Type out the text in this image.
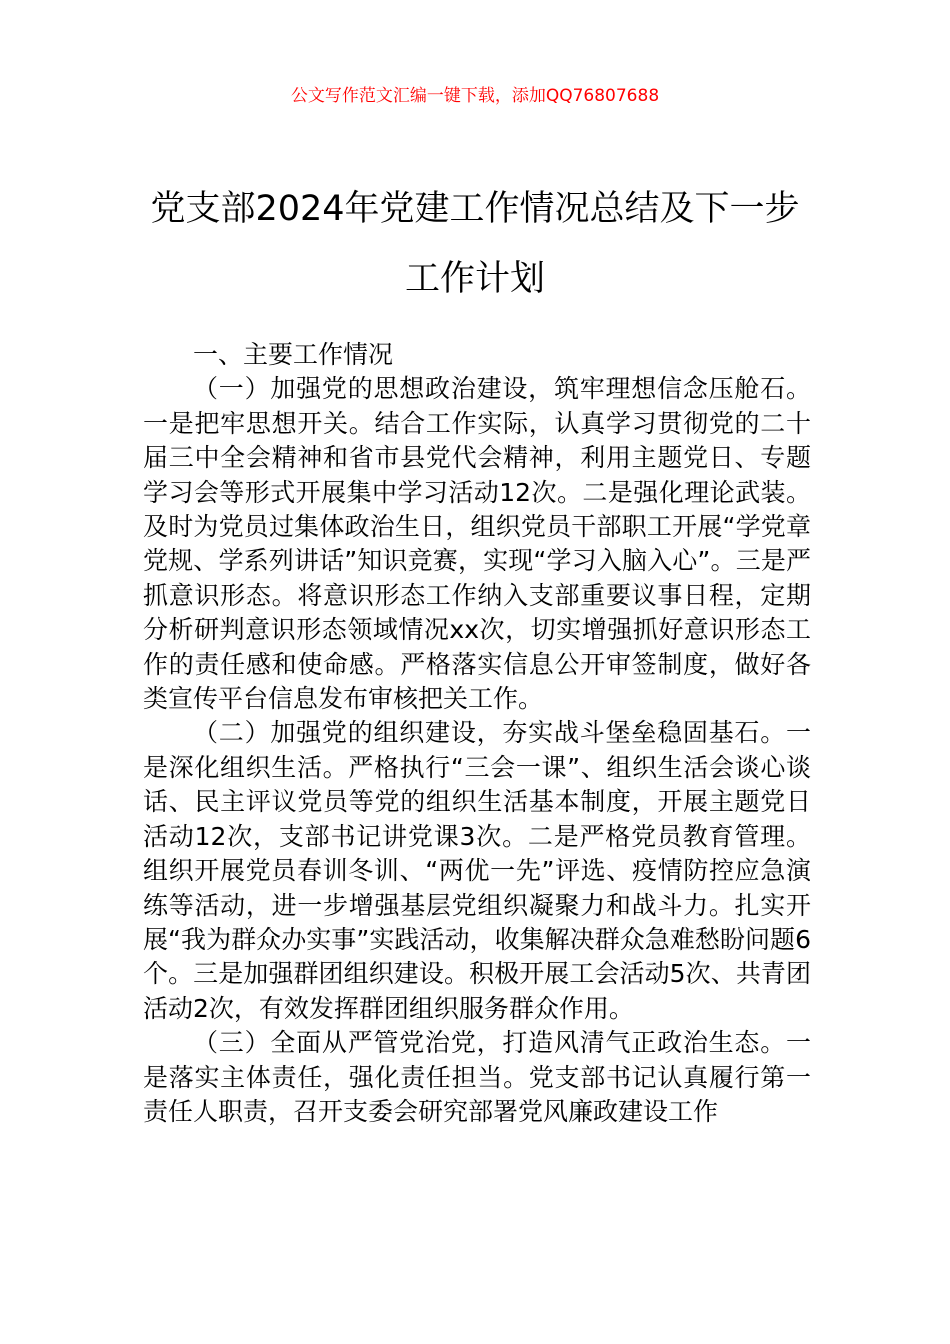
公文写作范文汇编一键下载，添加QQ76807688
党支部2024年党建工作情况总结及下一步
工作计划

一、主要工作情况

（一）加强党的思想政治建设，筑牢理想信念压舱石。一是把牢思想开关。结合工作实际，认真学习贯彻党的二十届三中全会精神和省市县党代会精神，利用主题党日、专题学习会等形式开展集中学习活动12次。二是强化理论武装。及时为党员过集体政治生日，组织党员干部职工开展“学党章党规、学系列讲话”知识竞赛，实现“学习入脑入心”。三是严抓意识形态。将意识形态工作纳入支部重要议事日程，定期分析研判意识形态领域情况xx次，切实增强抓好意识形态工作的责任感和使命感。严格落实信息公开审签制度，做好各类宣传平台信息发布审核把关工作。

（二）加强党的组织建设，夯实战斗堡垒稳固基石。一是深化组织生活。严格执行“三会一课”、组织生活会谈心谈话、民主评议党员等党的组织生活基本制度，开展主题党日活动12次，支部书记讲党课3次。二是严格党员教育管理。组织开展党员春训冬训、“两优一先”评选、疫情防控应急演练等活动，进一步增强基层党组织凝聚力和战斗力。扎实开展“我为群众办实事”实践活动，收集解决群众急难愁盼问题6个。三是加强群团组织建设。积极开展工会活动5次、共青团活动2次，有效发挥群团组织服务群众作用。

（三）全面从严管党治党，打造风清气正政治生态。一是落实主体责任，强化责任担当。党支部书记认真履行第一责任人职责，召开支委会研究部署党风廉政建设工作
